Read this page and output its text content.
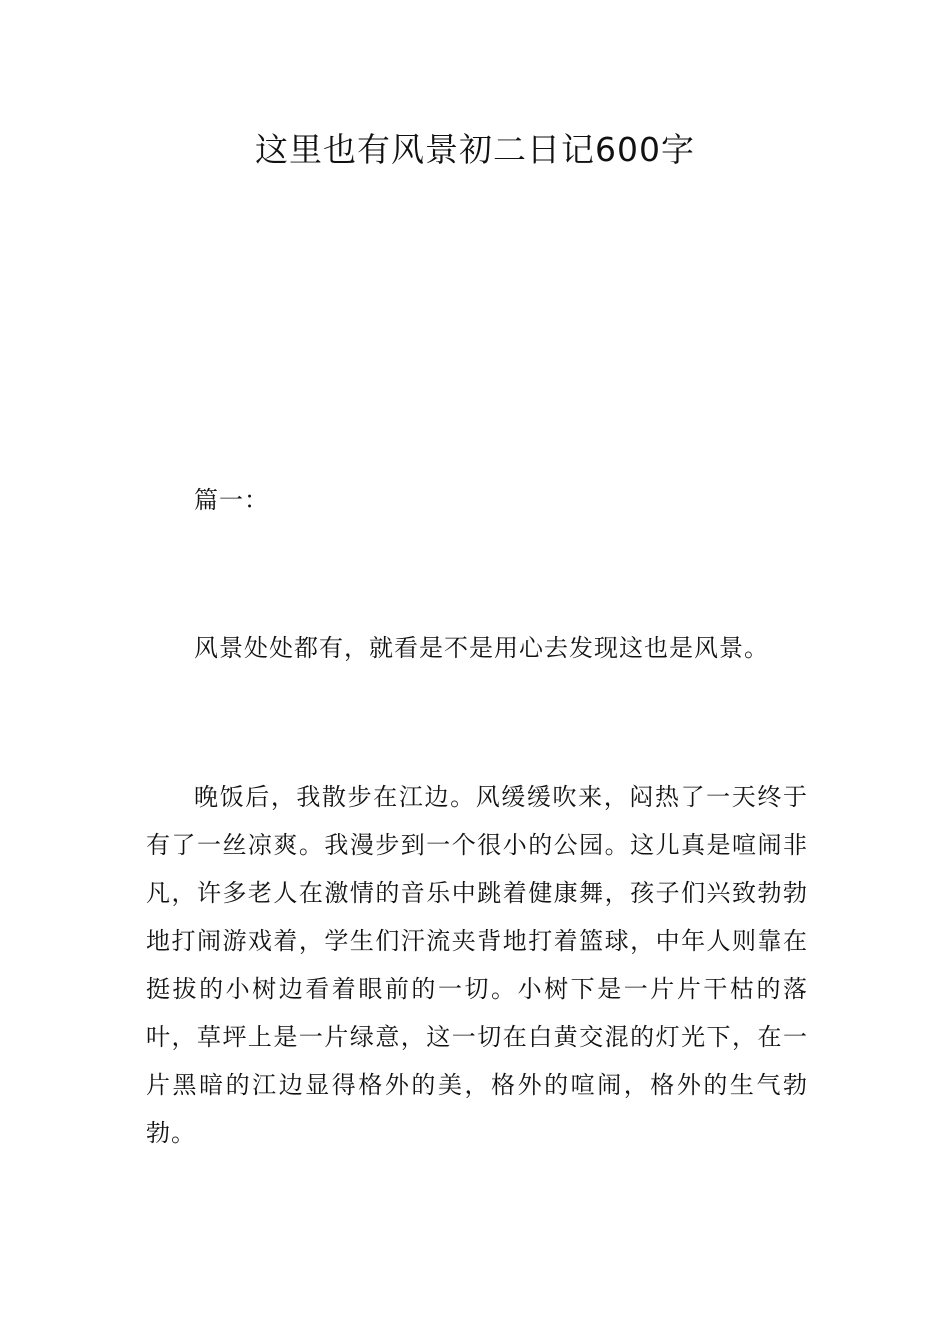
这里也有风景初二日记600字

篇一：

风景处处都有，就看是不是用心去发现这也是风景。

晚饭后，我散步在江边。风缓缓吹来，闷热了一天终于有了一丝凉爽。我漫步到一个很小的公园。这儿真是喧闹非凡，许多老人在激情的音乐中跳着健康舞，孩子们兴致勃勃地打闹游戏着，学生们汗流夹背地打着篮球，中年人则靠在挺拔的小树边看着眼前的一切。小树下是一片片干枯的落叶，草坪上是一片绿意，这一切在白黄交混的灯光下，在一片黑暗的江边显得格外的美，格外的喧闹，格外的生气勃勃。
